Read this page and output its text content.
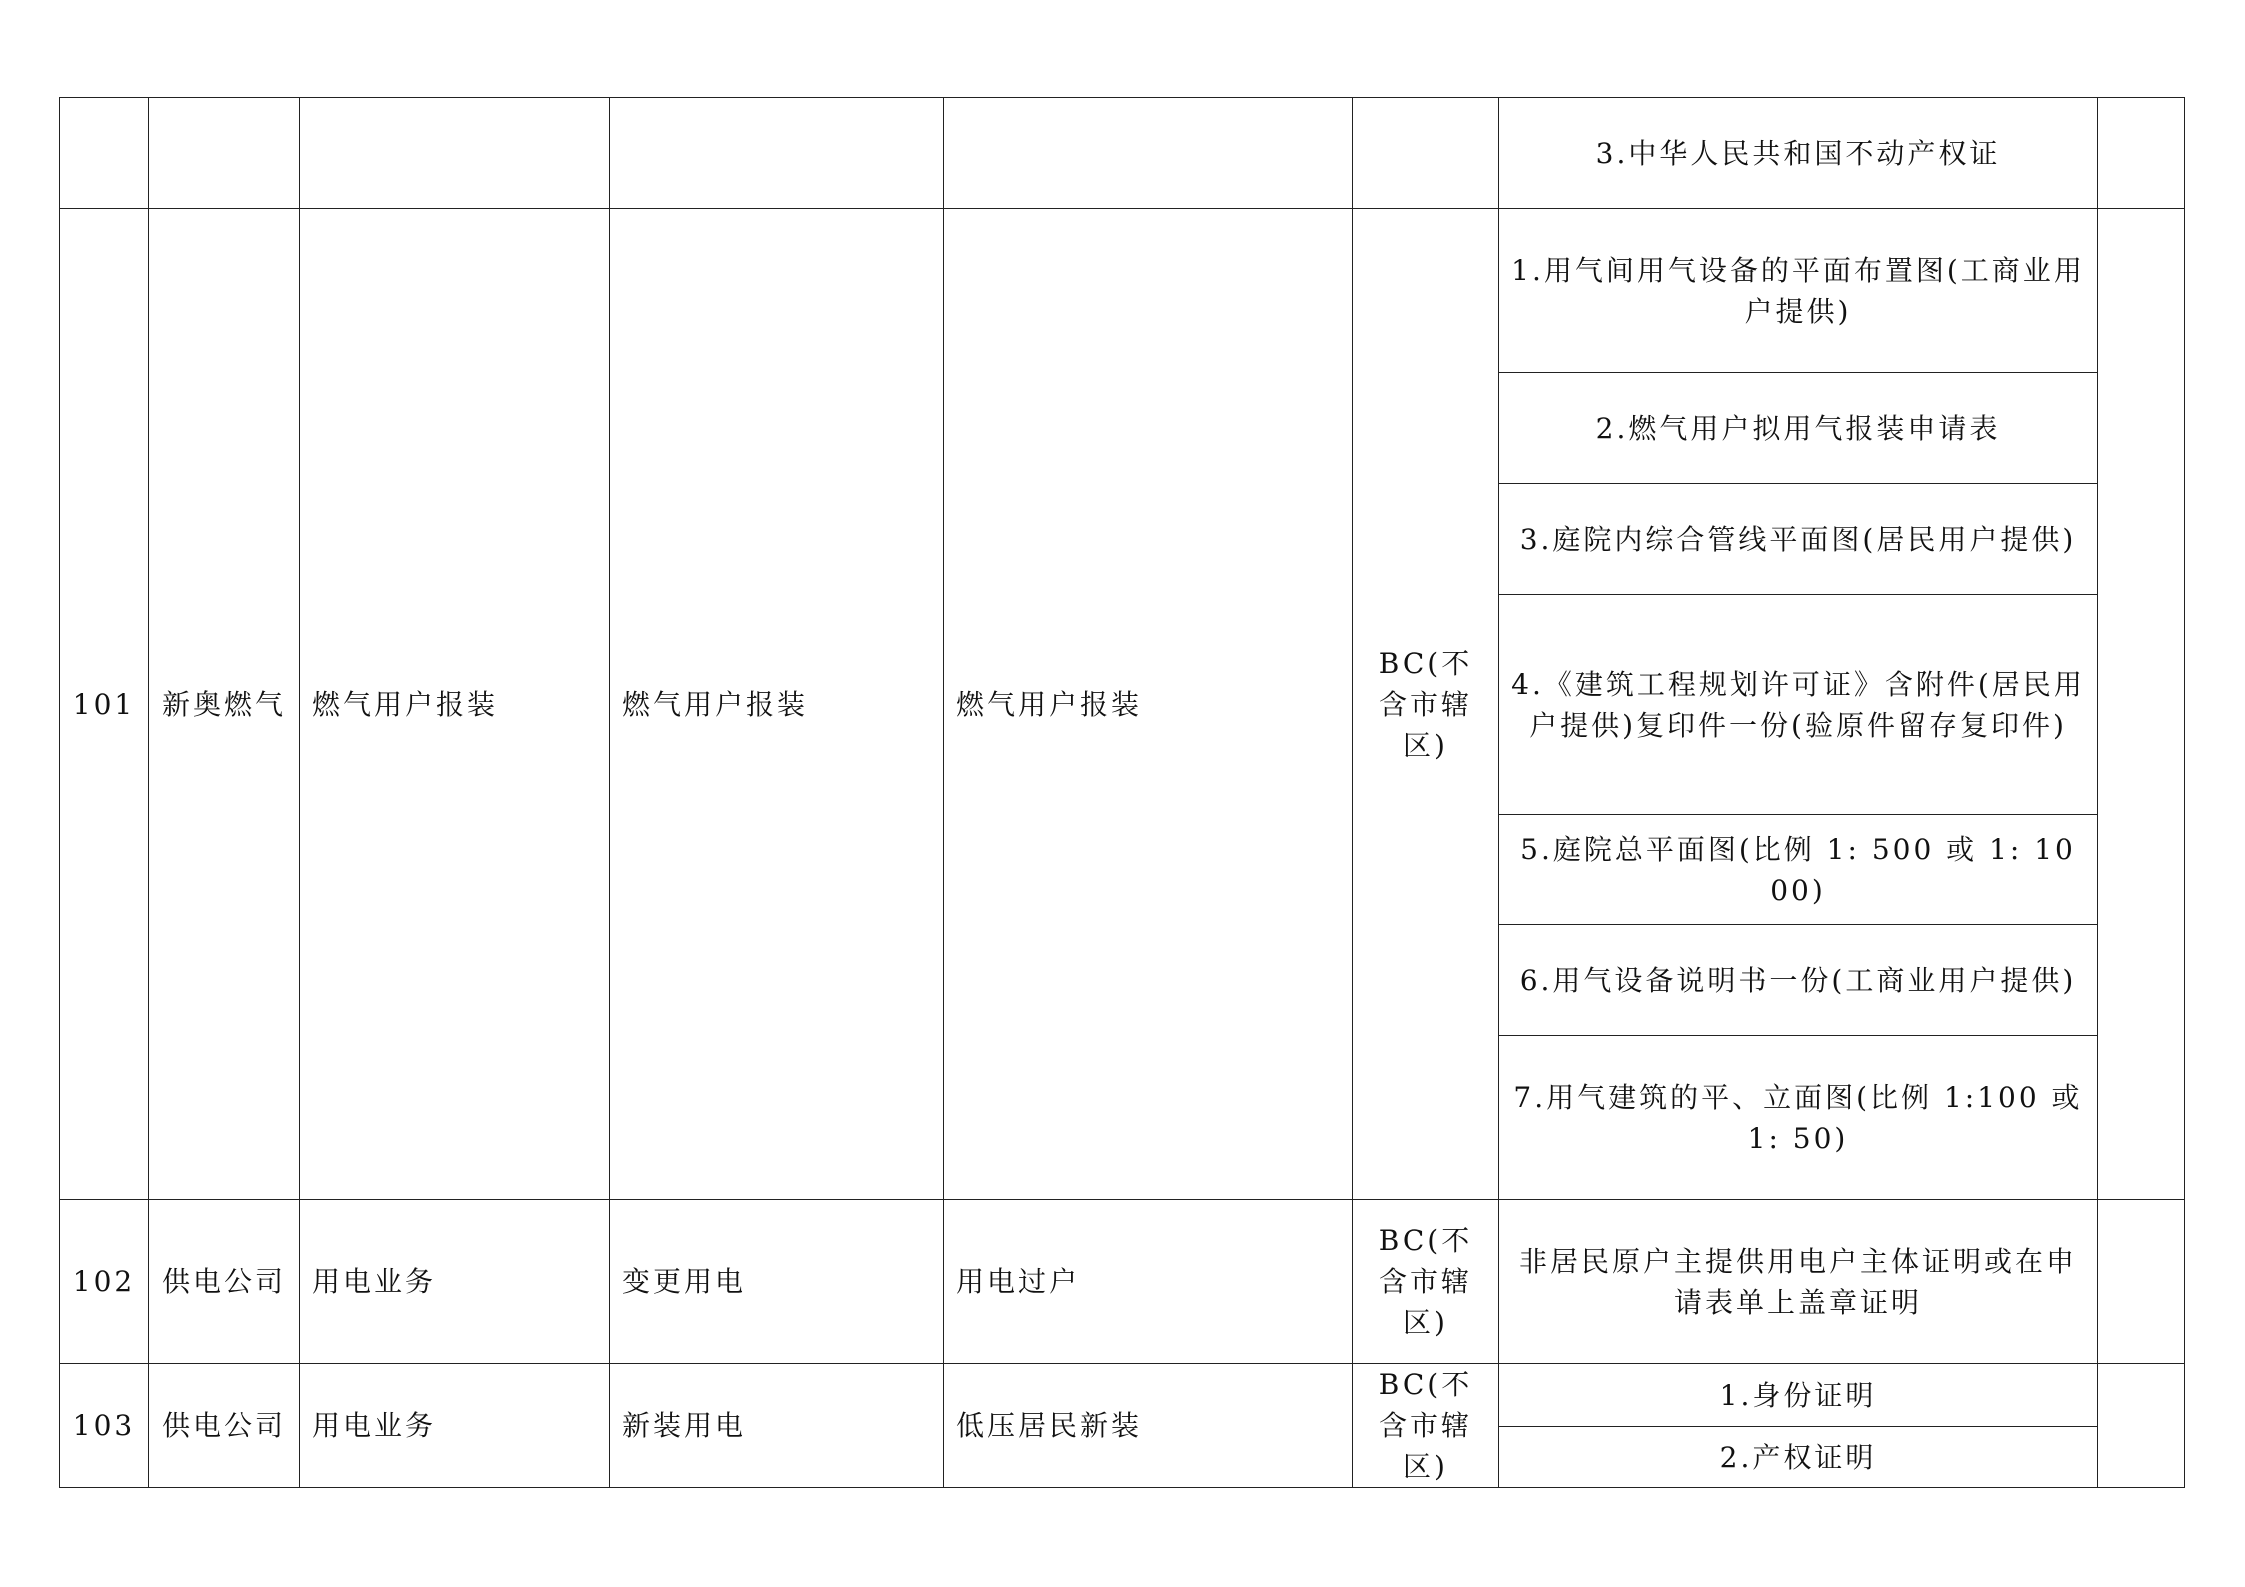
						3.中华人民共和国不动产权证	
101	新奥燃气	燃气用户报装	燃气用户报装	燃气用户报装	BC(不含市辖区)	1.用气间用气设备的平面布置图(工商业用户提供)	
						2.燃气用户拟用气报装申请表	
						3.庭院内综合管线平面图(居民用户提供)	
						4.《建筑工程规划许可证》含附件(居民用户提供)复印件一份(验原件留存复印件)	
						5.庭院总平面图(比例 1: 500 或 1: 1000)	
						6.用气设备说明书一份(工商业用户提供)	
						7.用气建筑的平、立面图(比例 1:100 或 1: 50)	
102	供电公司	用电业务	变更用电	用电过户	BC(不含市辖区)	非居民原户主提供用电户主体证明或在申请表单上盖章证明	
103	供电公司	用电业务	新装用电	低压居民新装	BC(不含市辖区)	1.身份证明	
						2.产权证明	
